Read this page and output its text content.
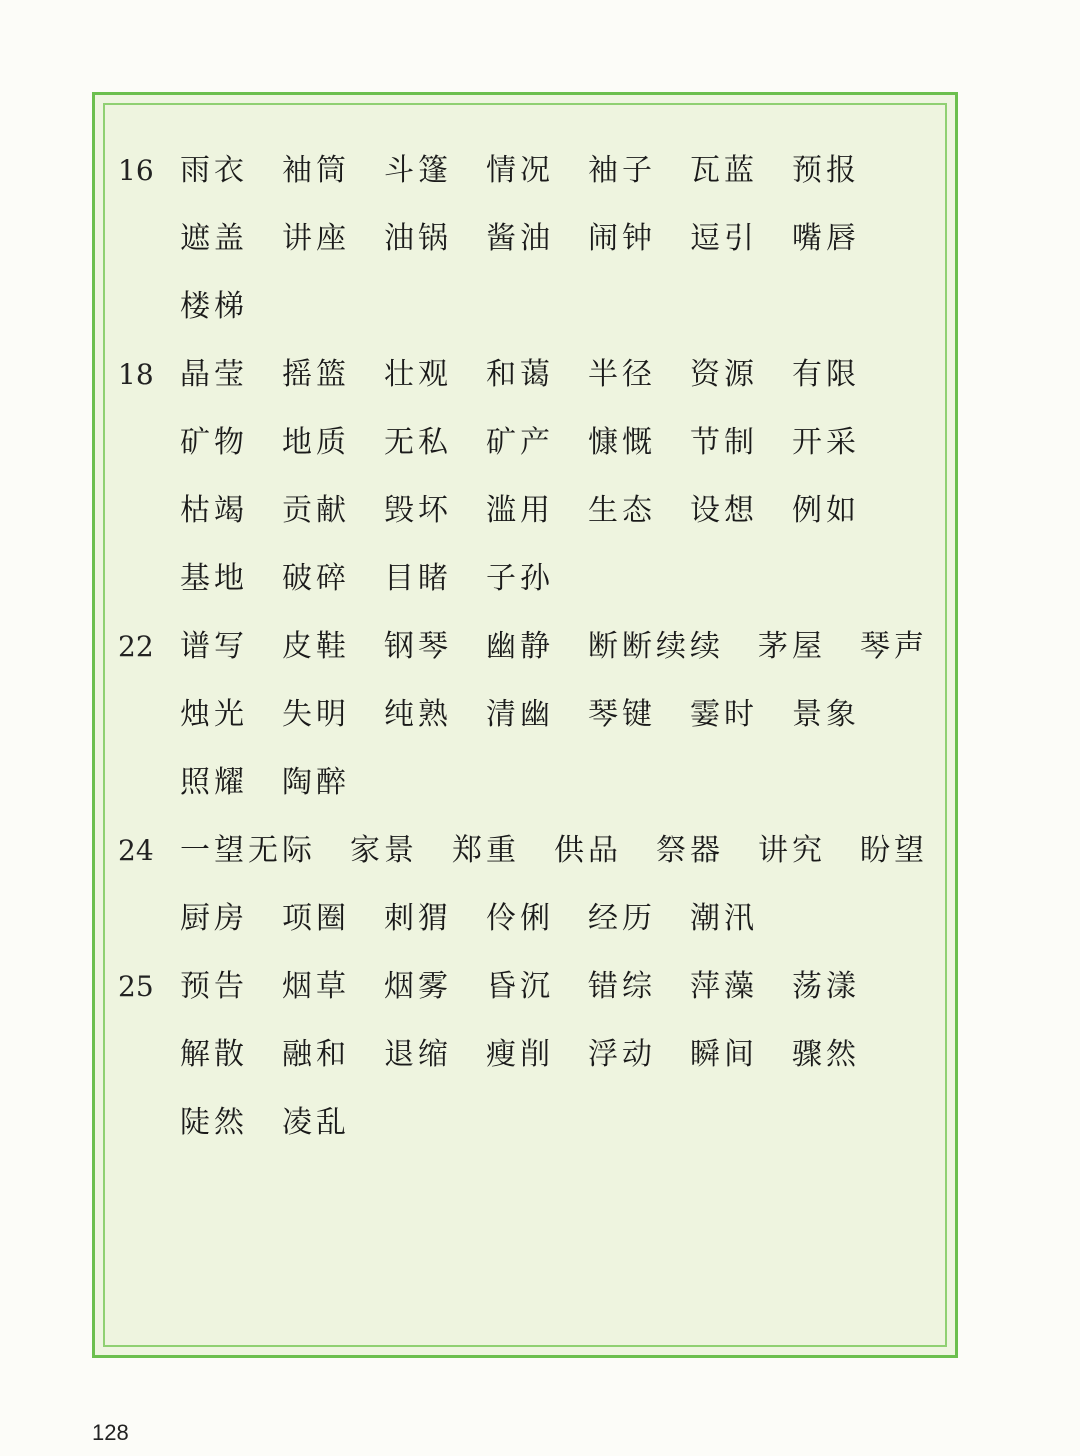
16 雨衣 袖筒 斗篷 情况 袖子 瓦蓝 预报
遮盖 讲座 油锅 酱油 闹钟 逗引 嘴唇
楼梯
18 晶莹 摇篮 壮观 和蔼 半径 资源 有限
矿物 地质 无私 矿产 慷慨 节制 开采
枯竭 贡献 毁坏 滥用 生态 设想 例如
基地 破碎 目睹 子孙
22 谱写 皮鞋 钢琴 幽静 断断续续 茅屋 琴声
烛光 失明 纯熟 清幽 琴键 霎时 景象
照耀 陶醉
24 一望无际 家景 郑重 供品 祭器 讲究 盼望
厨房 项圈 刺猬 伶俐 经历 潮汛
25 预告 烟草 烟雾 昏沉 错综 萍藻 荡漾
解散 融和 退缩 瘦削 浮动 瞬间 骤然
陡然 凌乱
128
